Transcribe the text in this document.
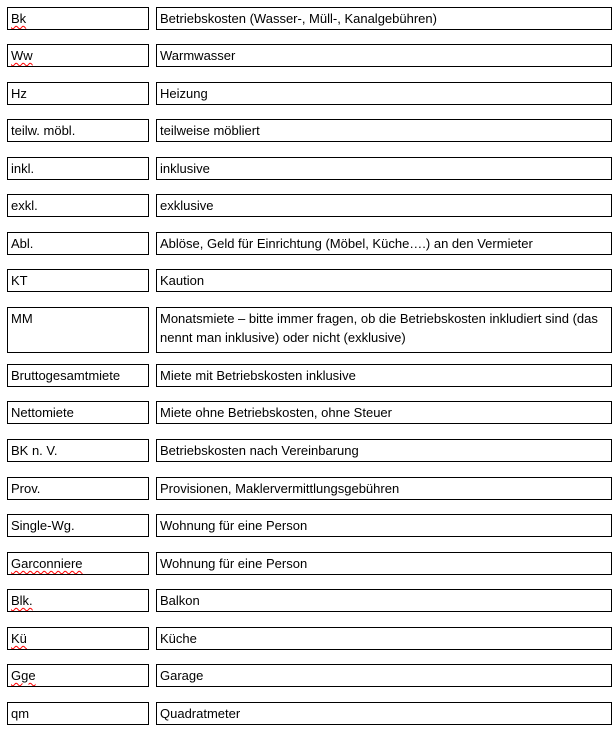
Bk	Betriebskosten (Wasser-, Müll-, Kanalgebühren)
Ww	Warmwasser
Hz	Heizung
teilw. möbl.	teilweise möbliert
inkl.	inklusive
exkl.	exklusive
Abl.	Ablöse, Geld für Einrichtung (Möbel, Küche….) an den Vermieter
KT	Kaution
MM	Monatsmiete – bitte immer fragen, ob die Betriebskosten inkludiert sind (das nennt man inklusive) oder nicht (exklusive)
Bruttogesamtmiete	Miete mit Betriebskosten inklusive
Nettomiete	Miete ohne Betriebskosten, ohne Steuer
BK n. V.	Betriebskosten nach Vereinbarung
Prov.	Provisionen, Maklervermittlungsgebühren
Single-Wg.	Wohnung für eine Person
Garconniere	Wohnung für eine Person
Blk.	Balkon
Kü	Küche
Gge	Garage
qm	Quadratmeter
